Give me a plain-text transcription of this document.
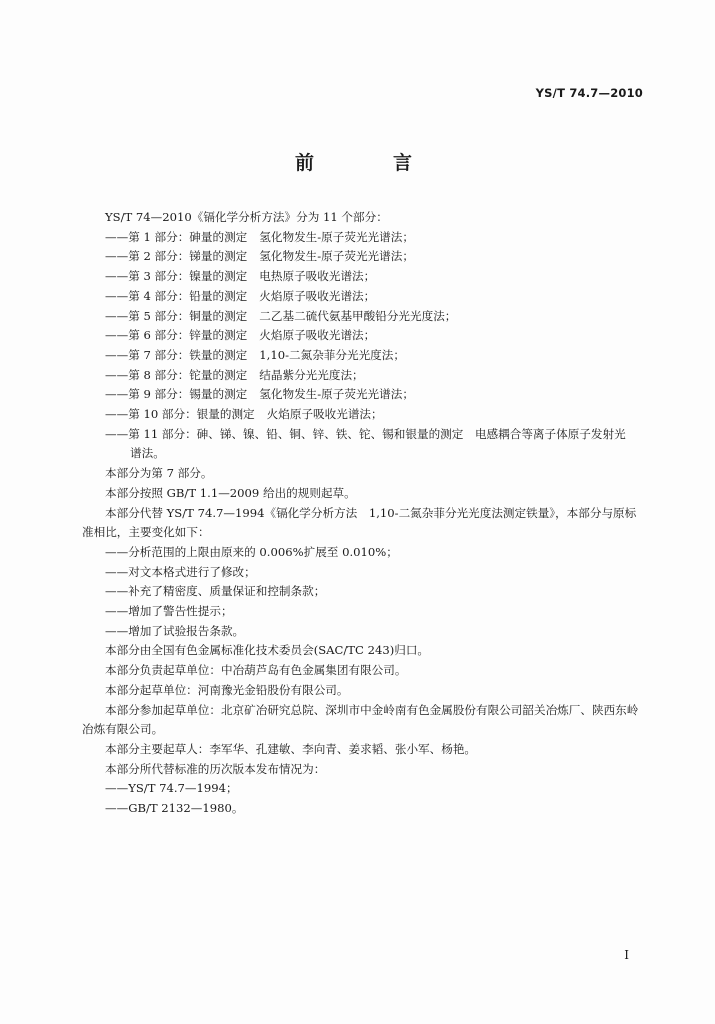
YS/T 74.7—2010
前　言
YS/T 74—2010《镉化学分析方法》分为 11 个部分：
——第 1 部分：砷量的测定 氢化物发生-原子荧光光谱法；
——第 2 部分：锑量的测定 氢化物发生-原子荧光光谱法；
——第 3 部分：镍量的测定 电热原子吸收光谱法；
——第 4 部分：铅量的测定 火焰原子吸收光谱法；
——第 5 部分：铜量的测定 二乙基二硫代氨基甲酸铅分光光度法；
——第 6 部分：锌量的测定 火焰原子吸收光谱法；
——第 7 部分：铁量的测定 1,10-二氮杂菲分光光度法；
——第 8 部分：铊量的测定 结晶紫分光光度法；
——第 9 部分：锡量的测定 氢化物发生-原子荧光光谱法；
——第 10 部分：银量的测定 火焰原子吸收光谱法；
——第 11 部分：砷、锑、镍、铅、铜、锌、铁、铊、锡和银量的测定　电感耦合等离子体原子发射光
谱法。
本部分为第 7 部分。
本部分按照 GB/T 1.1—2009 给出的规则起草。
本部分代替 YS/T 74.7—1994《镉化学分析方法　1,10-二氮杂菲分光光度法测定铁量》，本部分与原标准相比，主要变化如下：
——分析范围的上限由原来的 0.006%扩展至 0.010%；
——对文本格式进行了修改；
——补充了精密度、质量保证和控制条款；
——增加了警告性提示；
——增加了试验报告条款。
本部分由全国有色金属标准化技术委员会(SAC/TC 243)归口。
本部分负责起草单位：中冶葫芦岛有色金属集团有限公司。
本部分起草单位：河南豫光金铅股份有限公司。
本部分参加起草单位：北京矿冶研究总院、深圳市中金岭南有色金属股份有限公司韶关冶炼厂、陕西东岭冶炼有限公司。
本部分主要起草人：李军华、孔建敏、李向青、姜求韬、张小军、杨艳。
本部分所代替标准的历次版本发布情况为：
——YS/T 74.7—1994；
——GB/T 2132—1980。
I
